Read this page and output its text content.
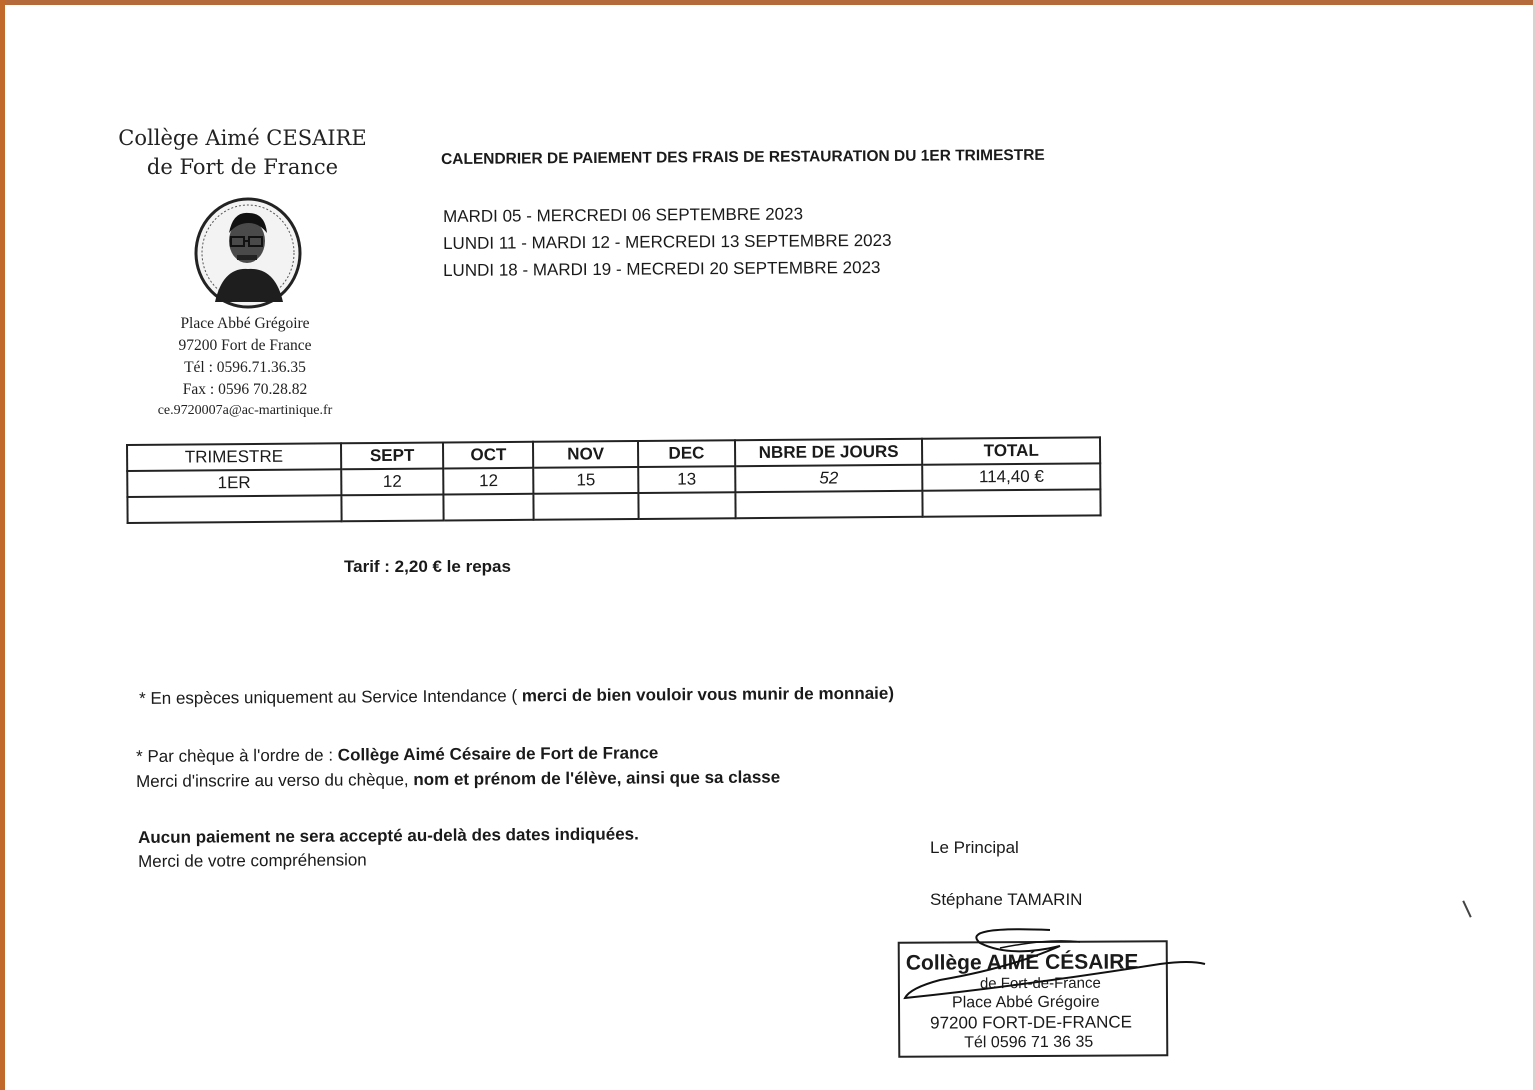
Collège Aimé CESAIRE
de Fort de France
Place Abbé Grégoire
97200 Fort de France
Tél : 0596.71.36.35
Fax : 0596 70.28.82
ce.9720007a@ac-martinique.fr
CALENDRIER DE PAIEMENT DES FRAIS DE RESTAURATION DU 1ER TRIMESTRE
MARDI 05 - MERCREDI 06 SEPTEMBRE 2023
LUNDI 11 - MARDI 12 - MERCREDI 13 SEPTEMBRE 2023
LUNDI 18 - MARDI 19 - MECREDI 20 SEPTEMBRE 2023
TRIMESTRE	SEPT	OCT	NOV	DEC	NBRE DE JOURS	TOTAL
1ER	12	12	15	13	52	114,40 €

Tarif : 2,20 € le repas
* En espèces uniquement au Service Intendance ( merci de bien vouloir vous munir de monnaie)
* Par chèque à l'ordre de : Collège Aimé Césaire de Fort de France
Merci d'inscrire au verso du chèque, nom et prénom de l'élève, ainsi que sa classe
Aucun paiement ne sera accepté au-delà des dates indiquées.
Merci de votre compréhension
Le Principal
Stéphane TAMARIN
Collège AIMÉ CÉSAIRE
de Fort-de-France
Place Abbé Grégoire
97200 FORT-DE-FRANCE
Tél 0596 71 36 35
